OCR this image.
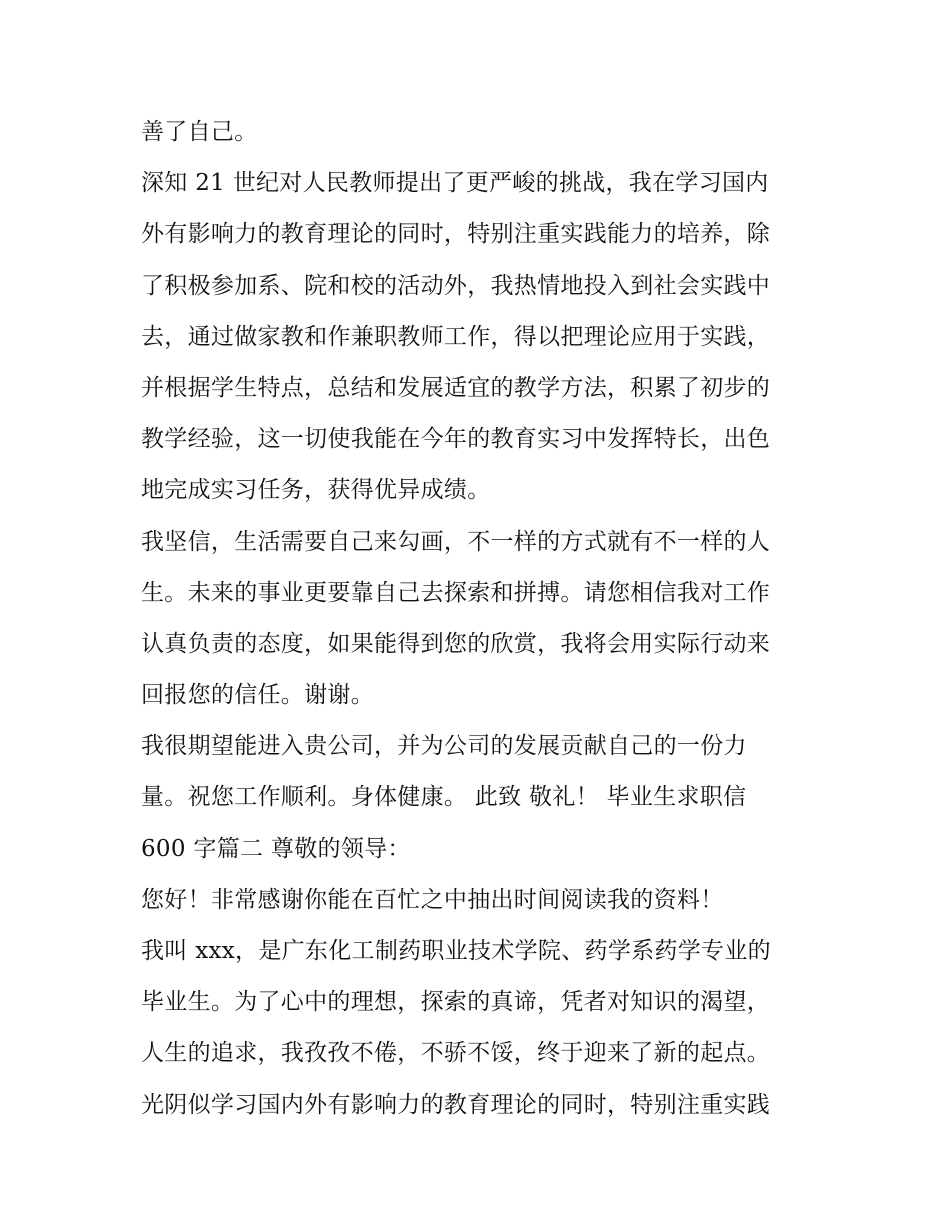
善了自己。
深知 21 世纪对人民教师提出了更严峻的挑战，我在学习国内
外有影响力的教育理论的同时，特别注重实践能力的培养，除
了积极参加系、院和校的活动外，我热情地投入到社会实践中
去，通过做家教和作兼职教师工作，得以把理论应用于实践，
并根据学生特点，总结和发展适宜的教学方法，积累了初步的
教学经验，这一切使我能在今年的教育实习中发挥特长，出色
地完成实习任务，获得优异成绩。
我坚信，生活需要自己来勾画，不一样的方式就有不一样的人
生。未来的事业更要靠自己去探索和拼搏。请您相信我对工作
认真负责的态度，如果能得到您的欣赏，我将会用实际行动来
回报您的信任。谢谢。
我很期望能进入贵公司，并为公司的发展贡献自己的一份力
量。祝您工作顺利。身体健康。 此致 敬礼！ 毕业生求职信
600 字篇二 尊敬的领导：
您好！非常感谢你能在百忙之中抽出时间阅读我的资料！
我叫 xxx，是广东化工制药职业技术学院、药学系药学专业的
毕业生。为了心中的理想，探索的真谛，凭者对知识的渴望，
人生的追求，我孜孜不倦，不骄不馁，终于迎来了新的起点。
光阴似学习国内外有影响力的教育理论的同时，特别注重实践
